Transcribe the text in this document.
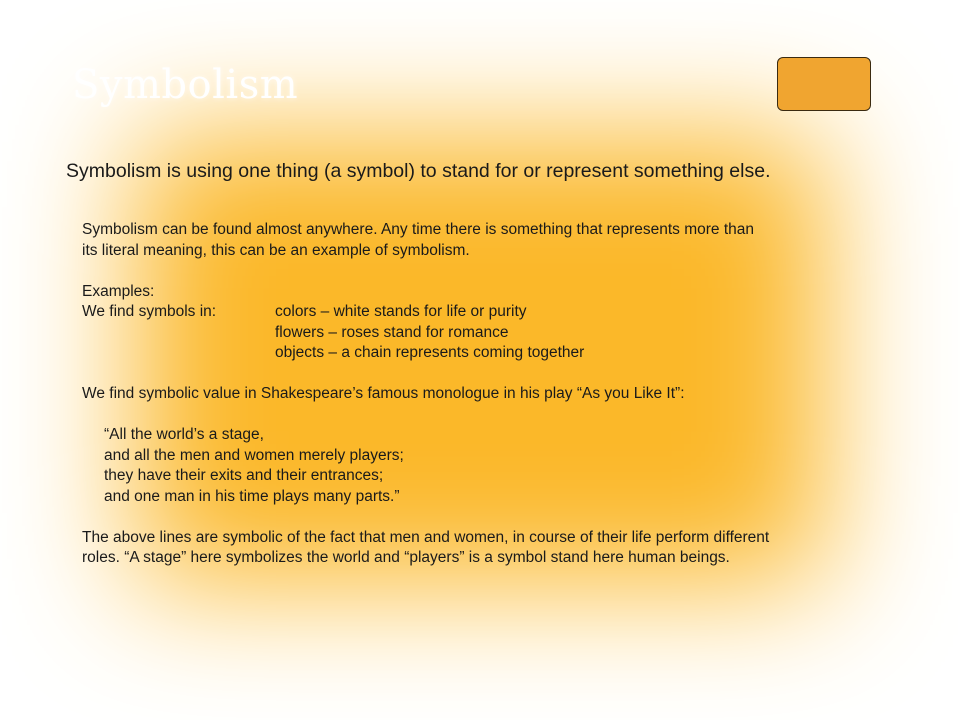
Symbolism
Symbolism is using one thing (a symbol) to stand for or represent something else.

Symbolism can be found almost anywhere. Any time there is something that represents more than

its literal meaning, this can be an example of symbolism.

Examples:

We find symbols in:	colors – white stands for life or purity

flowers – roses stand for romance

objects – a chain represents coming together

We find symbolic value in Shakespeare’s famous monologue in his play “As you Like It”:

“All the world’s a stage,

and all the men and women merely players;

they have their exits and their entrances;

and one man in his time plays many parts.”

The above lines are symbolic of the fact that men and women, in course of their life perform different

roles. “A stage” here symbolizes the world and “players” is a symbol stand here human beings.
